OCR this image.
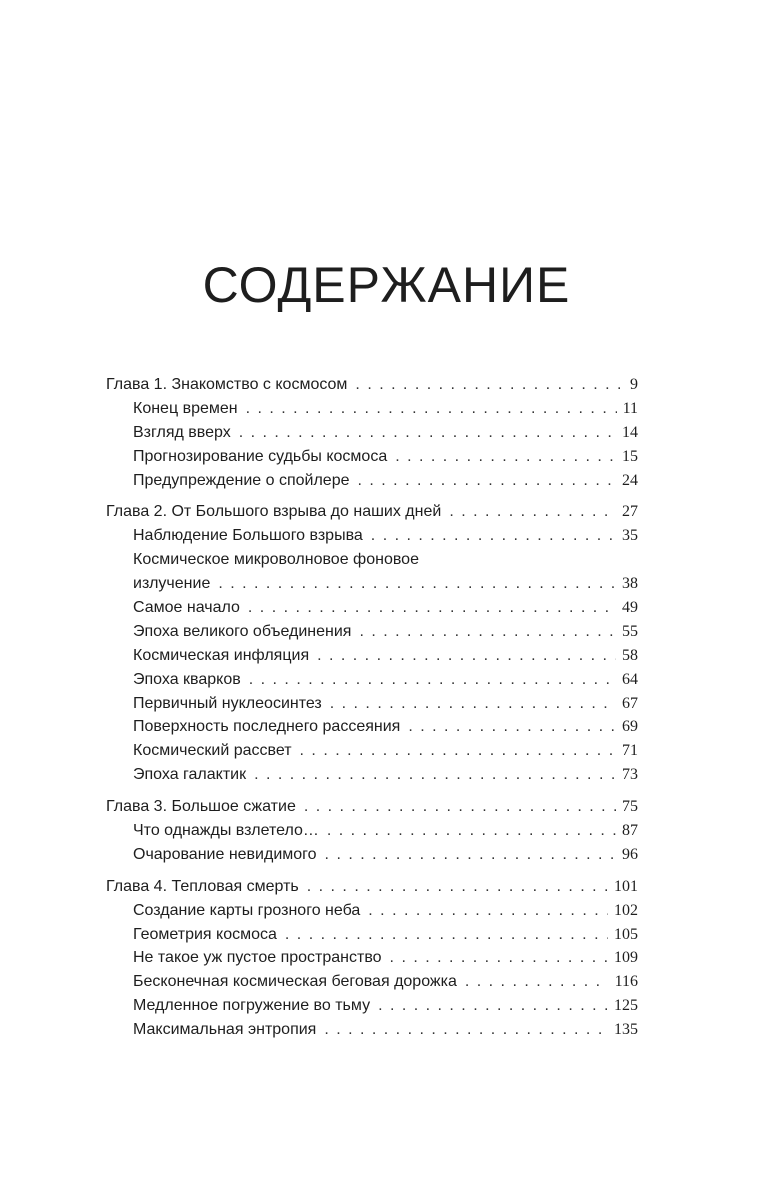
СОДЕРЖАНИЕ
Глава 1. Знакомство с космосом . . .	9
Конец времен . . .	11
Взгляд вверх . . .	14
Прогнозирование судьбы космоса . . .	15
Предупреждение о спойлере . . .	24
Глава 2. От Большого взрыва до наших дней . . .	27
Наблюдение Большого взрыва . . .	35
Космическое микроволновое фоновое
излучение . . .	38
Самое начало . . .	49
Эпоха великого объединения . . .	55
Космическая инфляция . . .	58
Эпоха кварков . . .	64
Первичный нуклеосинтез . . .	67
Поверхность последнего рассеяния . . .	69
Космический рассвет . . .	71
Эпоха галактик . . .	73
Глава 3. Большое сжатие . . .	75
Что однажды взлетело… . . .	87
Очарование невидимого . . .	96
Глава 4. Тепловая смерть . . .	101
Создание карты грозного неба . . .	102
Геометрия космоса . . .	105
Не такое уж пустое пространство . . .	109
Бесконечная космическая беговая дорожка . . .	116
Медленное погружение во тьму . . .	125
Максимальная энтропия . . .	135
